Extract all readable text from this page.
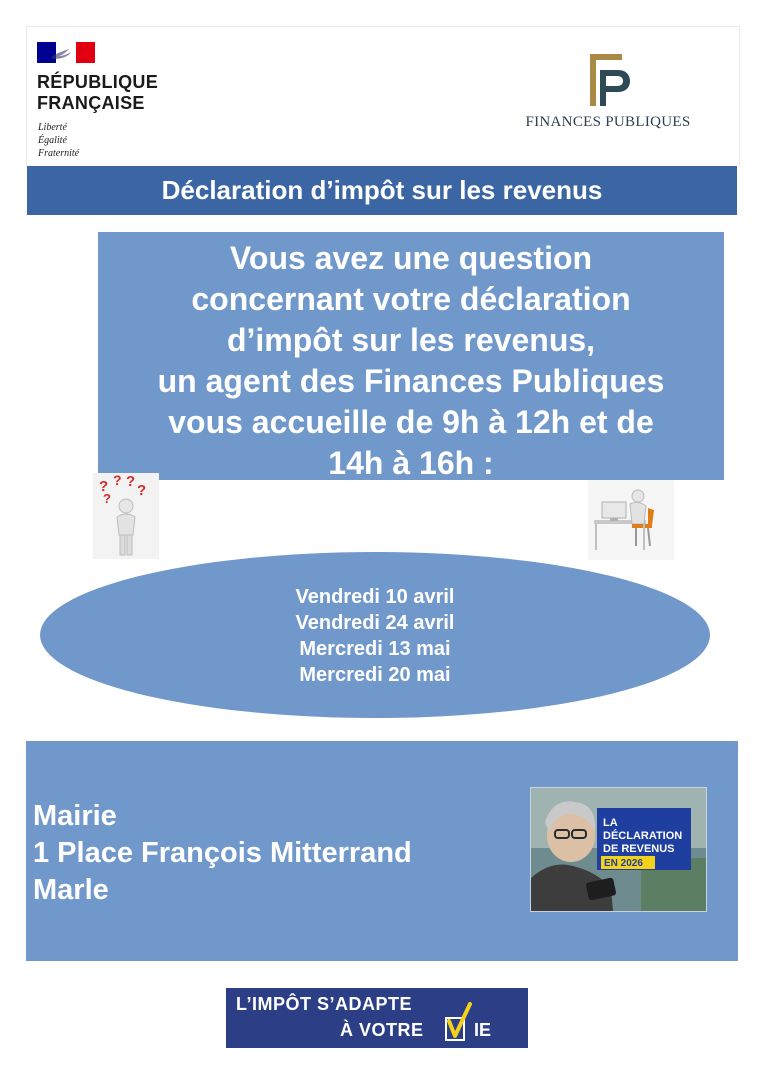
RÉPUBLIQUE
FRANÇAISE
Liberté
Égalité
Fraternité
FINANCES PUBLIQUES
Déclaration d’impôt sur les revenus
Vous avez une question
concernant votre déclaration
d’impôt sur les revenus,
un agent des Finances Publiques
vous accueille de 9h à 12h et de
14h à 16h :
? ? ?
?
?
Vendredi 10 avril
Vendredi 24 avril
Mercredi 13 mai
Mercredi 20 mai
Mairie
1 Place François Mitterrand
Marle
LA
DÉCLARATION
DE REVENUS
EN 2026
L’IMPÔT S’ADAPTE
À VOTRE	IE
